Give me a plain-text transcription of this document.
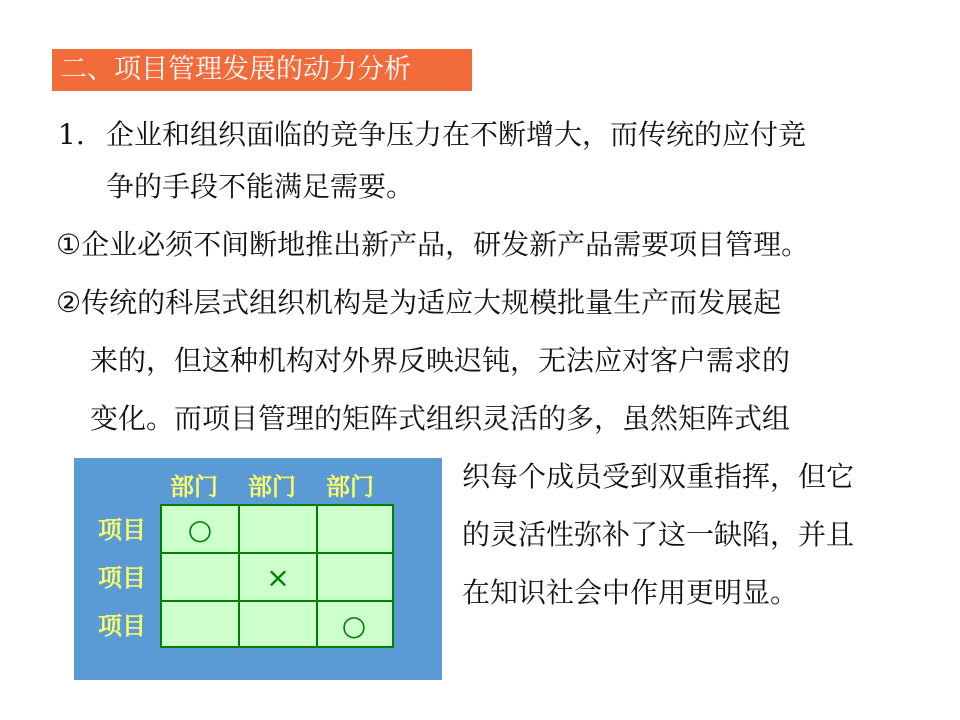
二、项目管理发展的动力分析
1. 企业和组织面临的竞争压力在不断增大，而传统的应付竞
争的手段不能满足需要。
①企业必须不间断地推出新产品，研发新产品需要项目管理。
②传统的科层式组织机构是为适应大规模批量生产而发展起
来的，但这种机构对外界反映迟钝，无法应对客户需求的
变化。而项目管理的矩阵式组织灵活的多，虽然矩阵式组
织每个成员受到双重指挥，但它
的灵活性弥补了这一缺陷，并且
在知识社会中作用更明显。
部门 部门 部门
项目
项目
项目
○
×
○
